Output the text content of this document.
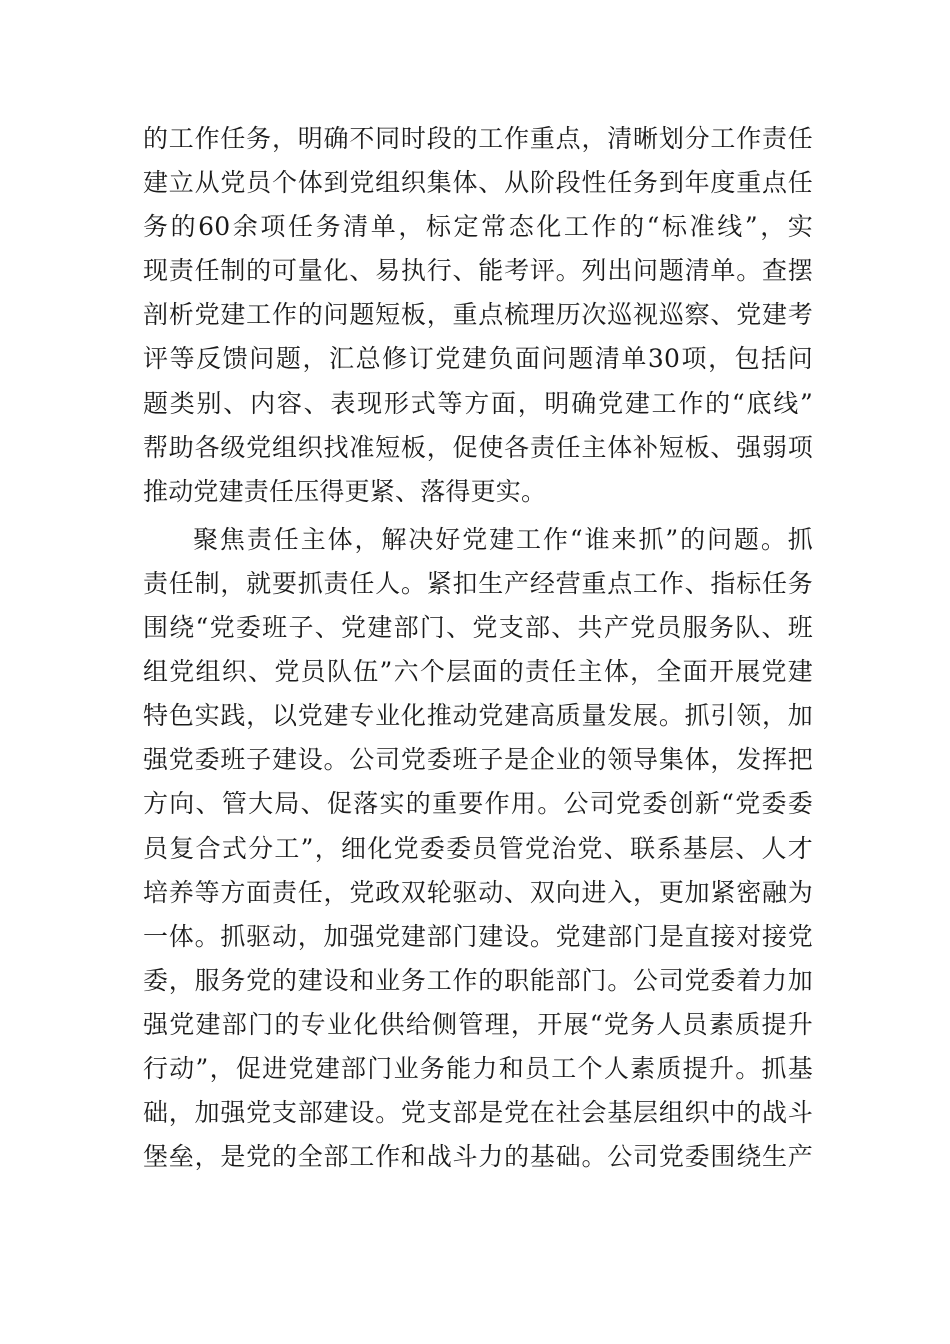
的工作任务，明确不同时段的工作重点，清晰划分工作责任
建立从党员个体到党组织集体、从阶段性任务到年度重点任
务的60余项任务清单，标定常态化工作的“标准线”，实
现责任制的可量化、易执行、能考评。列出问题清单。查摆
剖析党建工作的问题短板，重点梳理历次巡视巡察、党建考
评等反馈问题，汇总修订党建负面问题清单30项，包括问
题类别、内容、表现形式等方面，明确党建工作的“底线”
帮助各级党组织找准短板，促使各责任主体补短板、强弱项
推动党建责任压得更紧、落得更实。
聚焦责任主体，解决好党建工作“谁来抓”的问题。抓
责任制，就要抓责任人。紧扣生产经营重点工作、指标任务
围绕“党委班子、党建部门、党支部、共产党员服务队、班
组党组织、党员队伍”六个层面的责任主体，全面开展党建
特色实践，以党建专业化推动党建高质量发展。抓引领，加
强党委班子建设。公司党委班子是企业的领导集体，发挥把
方向、管大局、促落实的重要作用。公司党委创新“党委委
员复合式分工”，细化党委委员管党治党、联系基层、人才
培养等方面责任，党政双轮驱动、双向进入，更加紧密融为
一体。抓驱动，加强党建部门建设。党建部门是直接对接党
委，服务党的建设和业务工作的职能部门。公司党委着力加
强党建部门的专业化供给侧管理，开展“党务人员素质提升
行动”，促进党建部门业务能力和员工个人素质提升。抓基
础，加强党支部建设。党支部是党在社会基层组织中的战斗
堡垒，是党的全部工作和战斗力的基础。公司党委围绕生产
